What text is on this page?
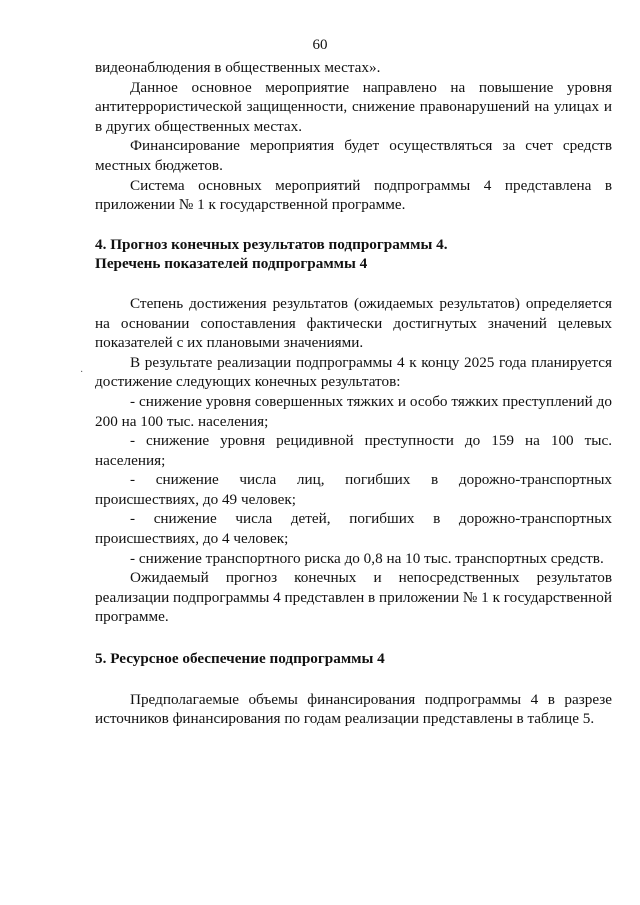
60

видеонаблюдения в общественных местах».

Данное основное мероприятие направлено на повышение уровня антитеррористической защищенности, снижение правонарушений на улицах и в других общественных местах.

Финансирование мероприятия будет осуществляться за счет средств местных бюджетов.

Система основных мероприятий подпрограммы 4 представлена в приложении № 1 к государственной программе.

4. Прогноз конечных результатов подпрограммы 4.

Перечень показателей подпрограммы 4

Степень достижения результатов (ожидаемых результатов) определяется на основании сопоставления фактически достигнутых значений целевых показателей с их плановыми значениями.

В результате реализации подпрограммы 4 к концу 2025 года планируется достижение следующих конечных результатов:

- снижение уровня совершенных тяжких и особо тяжких преступлений до 200 на 100 тыс. населения;

- снижение уровня рецидивной преступности до 159 на 100 тыс. населения;

- снижение числа лиц, погибших в дорожно-транспортных происшествиях, до 49 человек;

- снижение числа детей, погибших в дорожно-транспортных происшествиях, до 4 человек;

- снижение транспортного риска до 0,8 на 10 тыс. транспортных средств.

Ожидаемый прогноз конечных и непосредственных результатов реализации подпрограммы 4 представлен в приложении № 1 к государственной программе.

5. Ресурсное обеспечение подпрограммы 4

Предполагаемые объемы финансирования подпрограммы 4 в разрезе источников финансирования по годам реализации представлены в таблице 5.

·
